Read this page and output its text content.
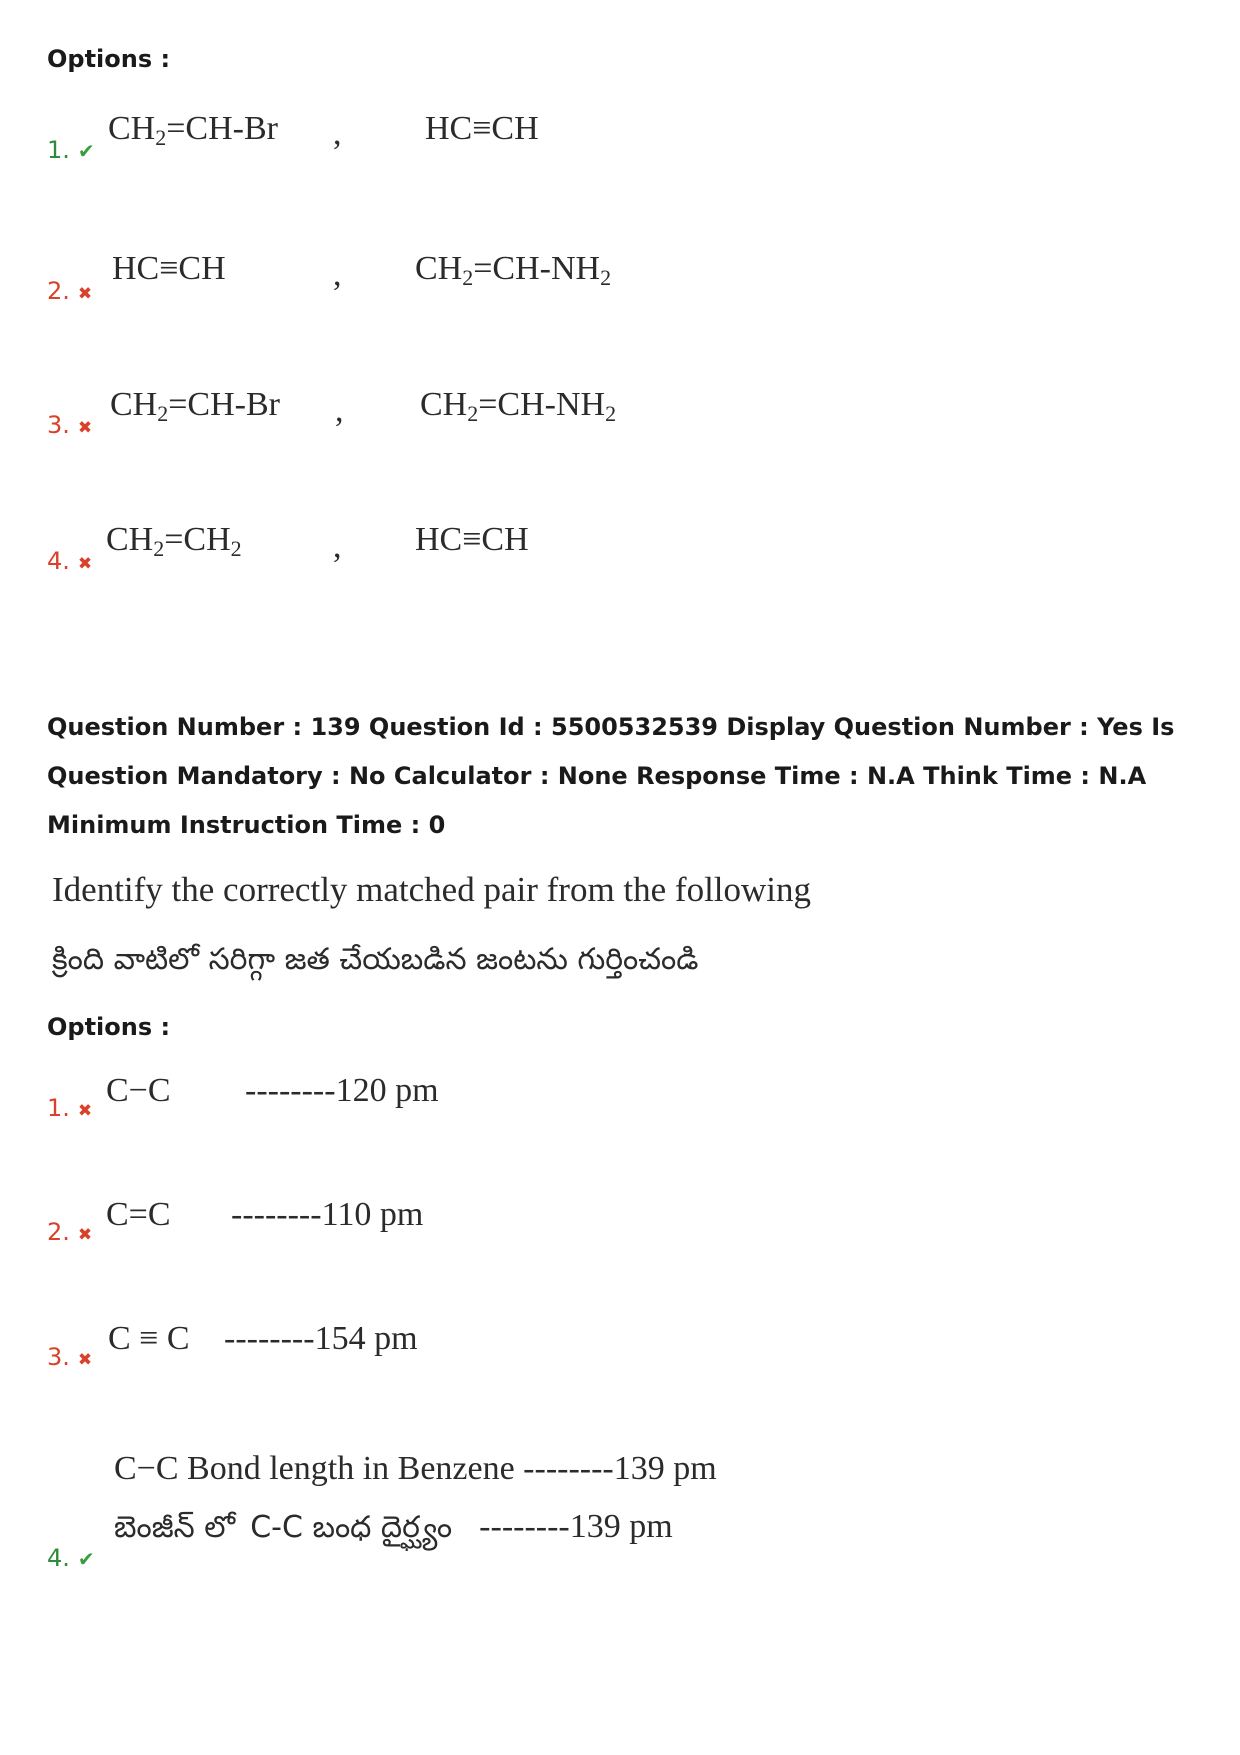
Options :
1. ✔
$CH_2=CH-Br$ , HC≡CH
2. ✖
HC≡CH	, $CH_2=CH-NH_2$
3. ✖
$CH_2=CH-Br$ , $CH_2=CH-NH_2$
4. ✖
$CH_2=CH_2$	, HC≡CH
Question Number : 139 Question Id : 5500532539 Display Question Number : Yes Is Question Mandatory : No Calculator : None Response Time : N.A Think Time : N.A Minimum Instruction Time : 0
Identify the correctly matched pair from the following
క్రింది వాటిలో సరిగ్గా జత చేయబడిన జంటను గుర్తించండి
Options :
1. ✖
C−C --------120 pm
2. ✖
C=C --------110 pm
3. ✖
C ≡ C --------154 pm
C−C Bond length in Benzene --------139 pm
బెంజీన్ లో C-C బంధ దైర్ఘ్యం --------139 pm
4. ✔
